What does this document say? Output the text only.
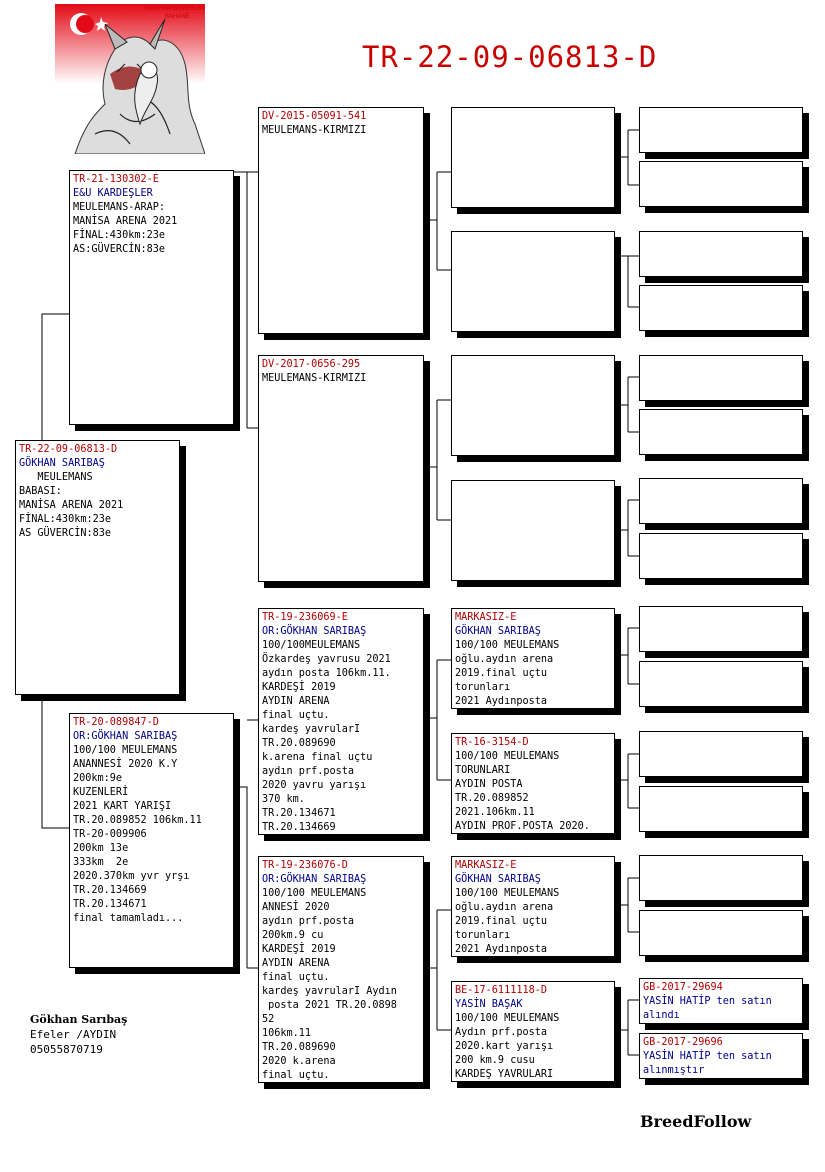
TR-22-09-06813-D
GÖKHAN GÜVERCİN
BAHANE
TR-22-09-06813-D
GÖKHAN SARIBAŞ
MEULEMANS
BABASI:
MANİSA ARENA 2021
FİNAL:430km:23e
AS GÜVERCİN:83e
TR-21-130302-E
E&U KARDEŞLER
MEULEMANS-ARAP:
MANİSA ARENA 2021
FİNAL:430km:23e
AS:GÜVERCİN:83e
TR-20-089847-D
OR:GÖKHAN SARIBAŞ
100/100 MEULEMANS
ANANNESİ 2020 K.Y
200km:9e
KUZENLERİ
2021 KART YARIŞI
TR.20.089852 106km.11
TR-20-009906
200km 13e
333km  2e
2020.370km yvr yrşı
TR.20.134669
TR.20.134671
final tamamladı...
DV-2015-05091-541
MEULEMANS-KIRMIZI
DV-2017-0656-295
MEULEMANS-KIRMIZI
TR-19-236069-E
OR:GÖKHAN SARIBAŞ
100/100MEULEMANS
Özkardeş yavrusu 2021
aydın posta 106km.11.
KARDEŞİ 2019
AYDIN ARENA
final uçtu.
kardeş yavrularI
TR.20.089690
k.arena final uçtu
aydın prf.posta
2020 yavru yarışı
370 km.
TR.20.134671
TR.20.134669
TR-19-236076-D
OR:GÖKHAN SARIBAŞ
100/100 MEULEMANS
ANNESİ 2020
aydın prf.posta
200km.9 cu
KARDEŞİ 2019
AYDIN ARENA
final uçtu.
kardeş yavrularI Aydın
posta 2021 TR.20.0898
52
106km.11
TR.20.089690
2020 k.arena
final uçtu.
MARKASIZ-E
GÖKHAN SARIBAŞ
100/100 MEULEMANS
oğlu.aydın arena
2019.final uçtu
torunları
2021 Aydınposta
TR-16-3154-D
100/100 MEULEMANS
TORUNLARI
AYDIN POSTA
TR.20.089852
2021.106km.11
AYDIN PROF.POSTA 2020.
MARKASIZ-E
GÖKHAN SARIBAŞ
100/100 MEULEMANS
oğlu.aydın arena
2019.final uçtu
torunları
2021 Aydınposta
BE-17-6111118-D
YASİN BAŞAK
100/100 MEULEMANS
Aydın prf.posta
2020.kart yarışı
200 km.9 cusu
KARDEŞ YAVRULARI
GB-2017-29694
YASİN HATİP ten satın
alındı
GB-2017-29696
YASİN HATİP ten satın
alınmıştır
Gökhan Sarıbaş
Efeler /AYDIN
05055870719
BreedFollow
